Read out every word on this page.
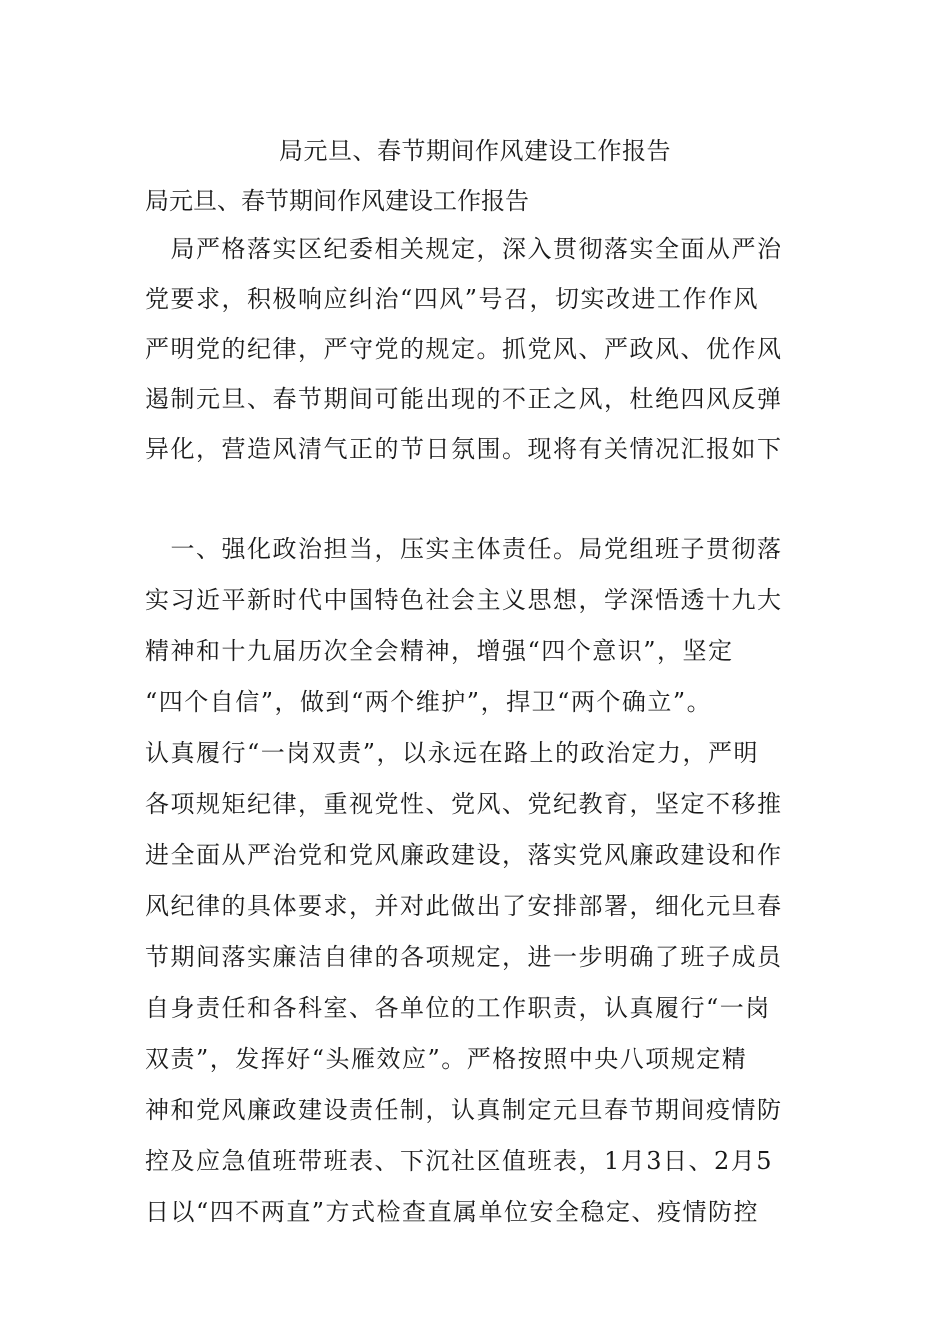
局元旦、春节期间作风建设工作报告
局元旦、春节期间作风建设工作报告
　局严格落实区纪委相关规定，深入贯彻落实全面从严治
党要求，积极响应纠治“四风”号召，切实改进工作作风
严明党的纪律，严守党的规定。抓党风、严政风、优作风
遏制元旦、春节期间可能出现的不正之风，杜绝四风反弹
异化，营造风清气正的节日氛围。现将有关情况汇报如下
　一、强化政治担当，压实主体责任。局党组班子贯彻落
实习近平新时代中国特色社会主义思想，学深悟透十九大
精神和十九届历次全会精神，增强“四个意识”，坚定
“四个自信”，做到“两个维护”，捍卫“两个确立”。
认真履行“一岗双责”，以永远在路上的政治定力，严明
各项规矩纪律，重视党性、党风、党纪教育，坚定不移推
进全面从严治党和党风廉政建设，落实党风廉政建设和作
风纪律的具体要求，并对此做出了安排部署，细化元旦春
节期间落实廉洁自律的各项规定，进一步明确了班子成员
自身责任和各科室、各单位的工作职责，认真履行“一岗
双责”，发挥好“头雁效应”。严格按照中央八项规定精
神和党风廉政建设责任制，认真制定元旦春节期间疫情防
控及应急值班带班表、下沉社区值班表，1月3日、2月5
日以“四不两直”方式检查直属单位安全稳定、疫情防控
